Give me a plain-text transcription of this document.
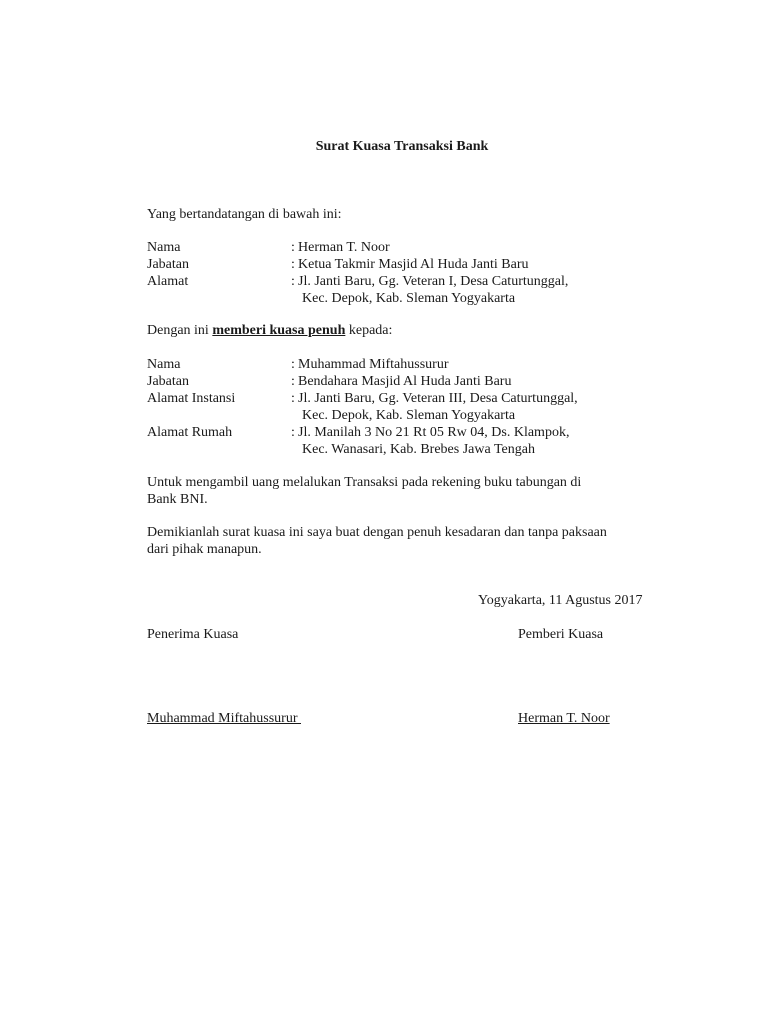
Surat Kuasa Transaksi Bank
Yang bertandatangan di bawah ini:
Nama	: Herman T. Noor
Jabatan	: Ketua Takmir Masjid Al Huda Janti Baru
Alamat	: Jl. Janti Baru, Gg. Veteran I, Desa Caturtunggal,
Kec. Depok, Kab. Sleman Yogyakarta
Dengan ini memberi kuasa penuh kepada:
Nama	: Muhammad Miftahussurur
Jabatan	: Bendahara Masjid Al Huda Janti Baru
Alamat Instansi	: Jl. Janti Baru, Gg. Veteran III, Desa Caturtunggal,
Kec. Depok, Kab. Sleman Yogyakarta
Alamat Rumah	: Jl. Manilah 3 No 21 Rt 05 Rw 04, Ds. Klampok,
Kec. Wanasari, Kab. Brebes Jawa Tengah
Untuk mengambil uang melalukan Transaksi pada rekening buku tabungan di
Bank BNI.
Demikianlah surat kuasa ini saya buat dengan penuh kesadaran dan tanpa paksaan
dari pihak manapun.
Yogyakarta, 11 Agustus 2017
Penerima Kuasa	Pemberi Kuasa
Muhammad Miftahussurur	Herman T. Noor
